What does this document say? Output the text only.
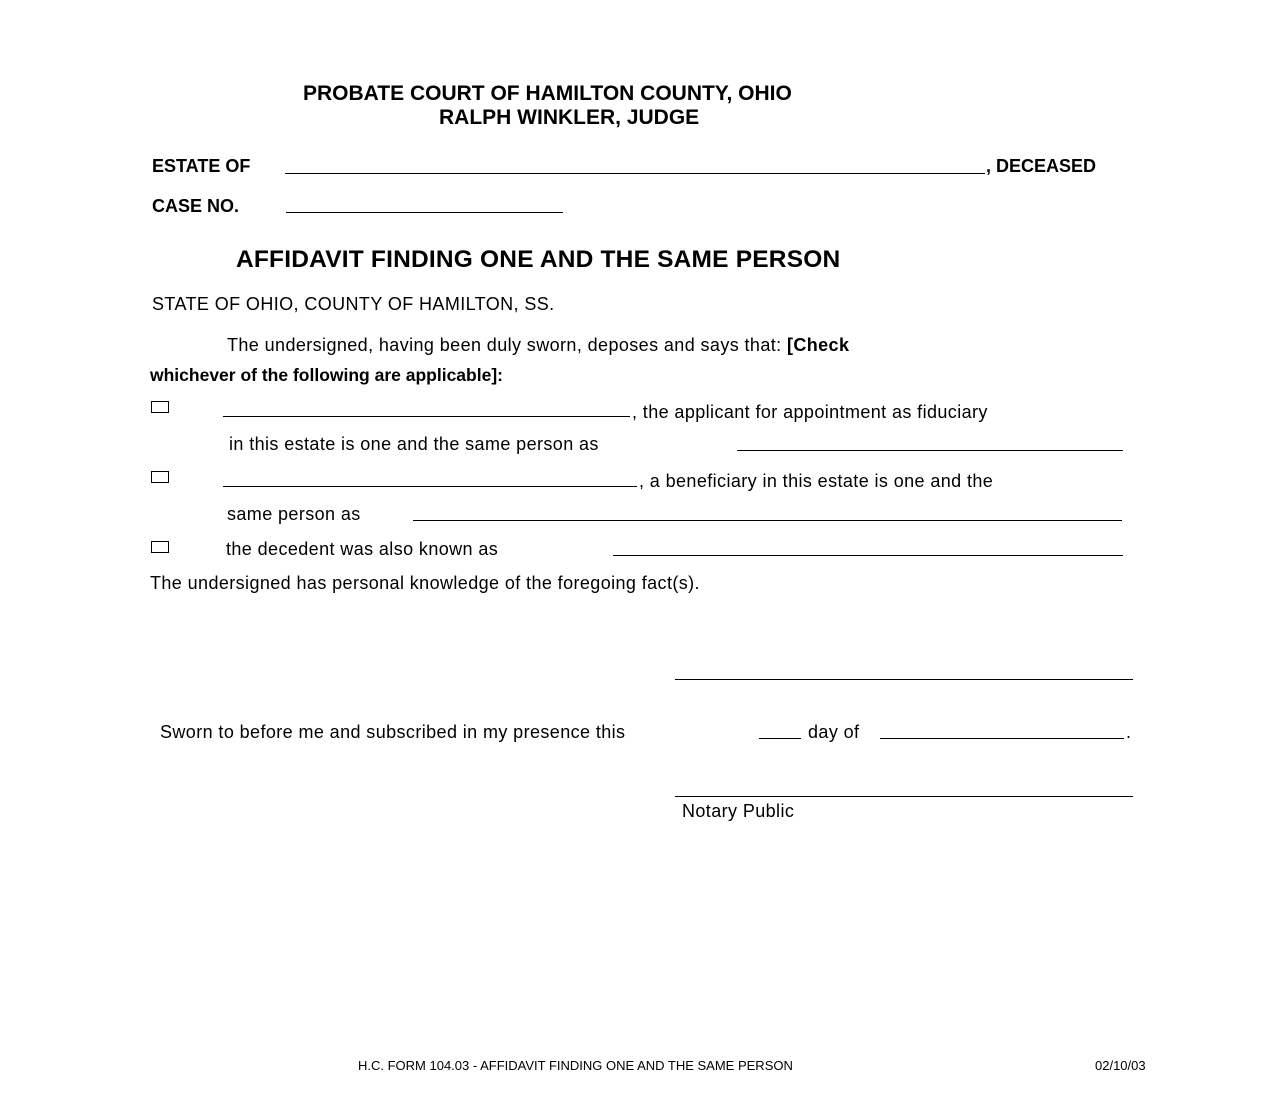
PROBATE COURT OF HAMILTON COUNTY, OHIO
RALPH WINKLER, JUDGE
ESTATE OF	, DECEASED
CASE NO.
AFFIDAVIT FINDING ONE AND THE SAME PERSON
STATE OF OHIO, COUNTY OF HAMILTON, SS.
The undersigned, having been duly sworn, deposes and says that: [Check
whichever of the following are applicable]:
, the applicant for appointment as fiduciary
in this estate is one and the same person as
, a beneficiary in this estate is one and the
same person as
the decedent was also known as
The undersigned has personal knowledge of the foregoing fact(s).
Sworn to before me and subscribed in my presence this	day of	.
Notary Public
H.C. FORM 104.03 - AFFIDAVIT FINDING ONE AND THE SAME PERSON	02/10/03
